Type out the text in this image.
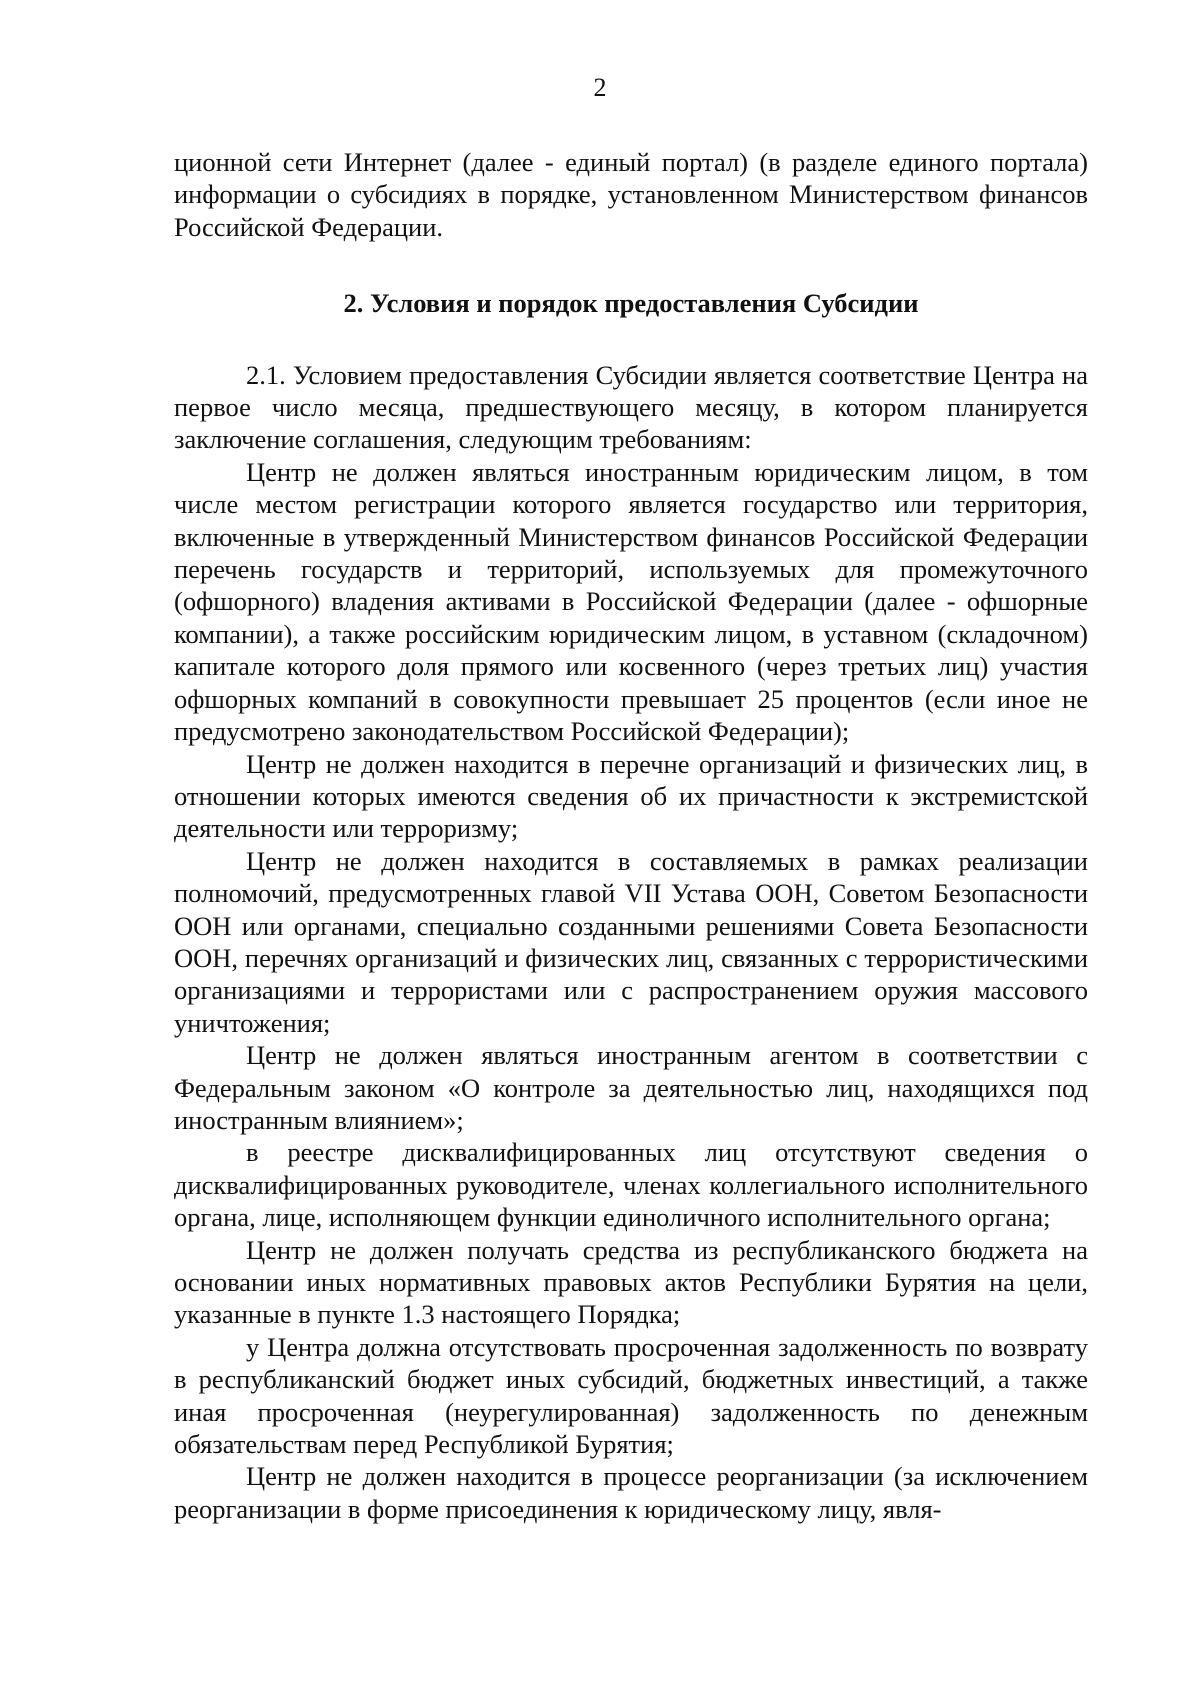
2

ционной сети Интернет (далее - единый портал) (в разделе единого портала) информации о субсидиях в порядке, установленном Министерством финансов Российской Федерации.

2. Условия и порядок предоставления Субсидии

2.1. Условием предоставления Субсидии является соответствие Центра на первое число месяца, предшествующего месяцу, в котором планируется заключение соглашения, следующим требованиям:

Центр не должен являться иностранным юридическим лицом, в том числе местом регистрации которого является государство или территория, включенные в утвержденный Министерством финансов Российской Федерации перечень государств и территорий, используемых для промежуточного (офшорного) владения активами в Российской Федерации (далее - офшорные компании), а также российским юридическим лицом, в уставном (складочном) капитале которого доля прямого или косвенного (через третьих лиц) участия офшорных компаний в совокупности превышает 25 процентов (если иное не предусмотрено законодательством Российской Федерации);

Центр не должен находится в перечне организаций и физических лиц, в отношении которых имеются сведения об их причастности к экстремистской деятельности или терроризму;

Центр не должен находится в составляемых в рамках реализации полномочий, предусмотренных главой VII Устава ООН, Советом Безопасности ООН или органами, специально созданными решениями Совета Безопасности ООН, перечнях организаций и физических лиц, связанных с террористическими организациями и террористами или с распространением оружия массового уничтожения;

Центр не должен являться иностранным агентом в соответствии с Федеральным законом «О контроле за деятельностью лиц, находящихся под иностранным влиянием»;

в реестре дисквалифицированных лиц отсутствуют сведения о дисквалифицированных руководителе, членах коллегиального исполнительного органа, лице, исполняющем функции единоличного исполнительного органа;

Центр не должен получать средства из республиканского бюджета на основании иных нормативных правовых актов Республики Бурятия на цели, указанные в пункте 1.3 настоящего Порядка;

у Центра должна отсутствовать просроченная задолженность по возврату в республиканский бюджет иных субсидий, бюджетных инвестиций, а также иная просроченная (неурегулированная) задолженность по денежным обязательствам перед Республикой Бурятия;

Центр не должен находится в процессе реорганизации (за исключением реорганизации в форме присоединения к юридическому лицу, явля-
